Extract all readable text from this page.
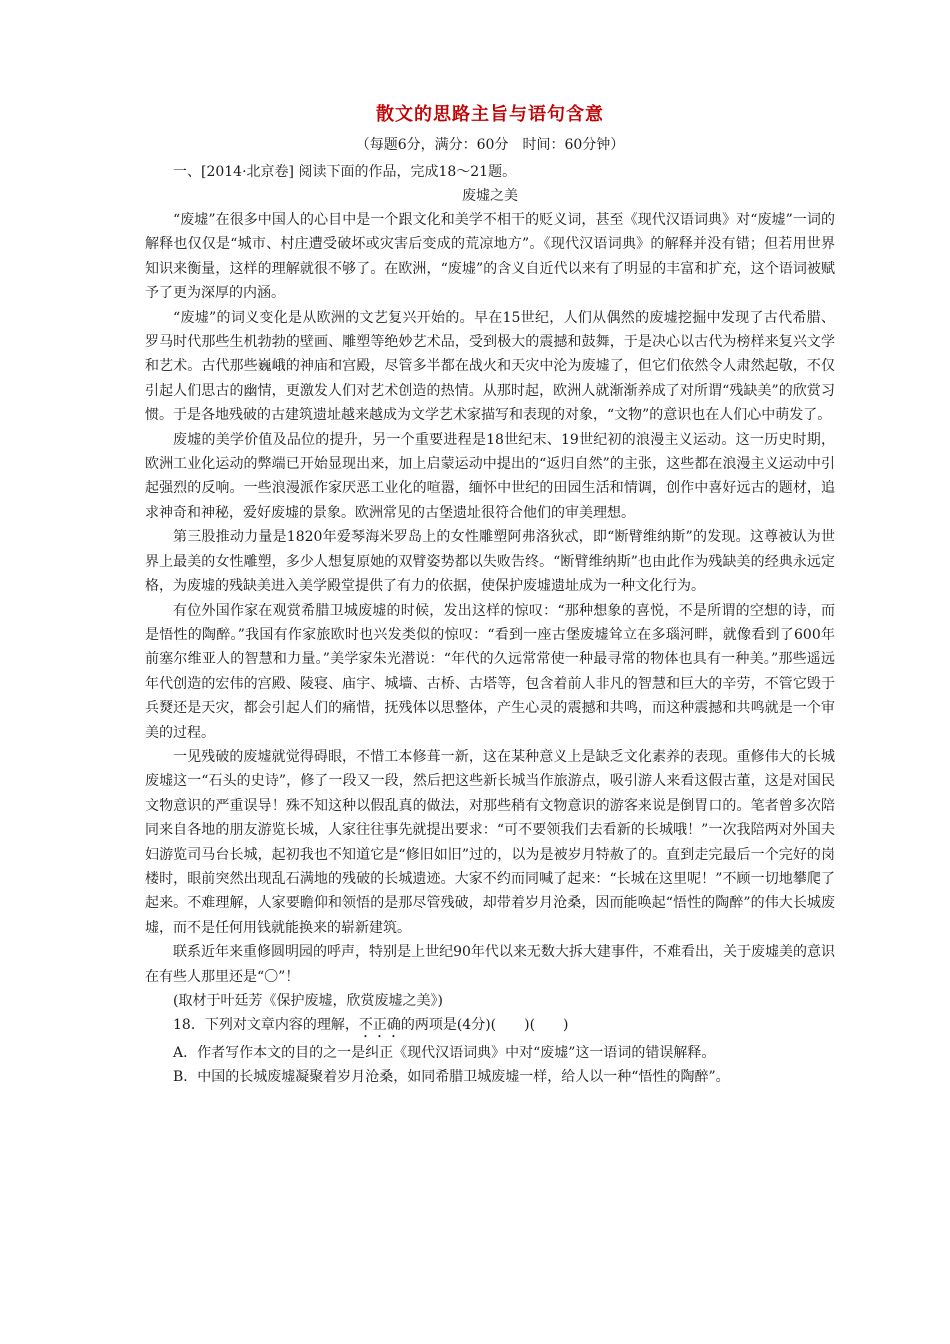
散文的思路主旨与语句含意
（每题6分，满分：60分　时间：60分钟）
一、[2014·北京卷] 阅读下面的作品，完成18～21题。
废墟之美

“废墟”在很多中国人的心目中是一个跟文化和美学不相干的贬义词，甚至《现代汉语词典》对“废墟”一词的解释也仅仅是“城市、村庄遭受破坏或灾害后变成的荒凉地方”。《现代汉语词典》的解释并没有错；但若用世界知识来衡量，这样的理解就很不够了。在欧洲，“废墟”的含义自近代以来有了明显的丰富和扩充，这个语词被赋予了更为深厚的内涵。

“废墟”的词义变化是从欧洲的文艺复兴开始的。早在15世纪，人们从偶然的废墟挖掘中发现了古代希腊、罗马时代那些生机勃勃的壁画、雕塑等绝妙艺术品，受到极大的震撼和鼓舞，于是决心以古代为榜样来复兴文学和艺术。古代那些巍峨的神庙和宫殿，尽管多半都在战火和天灾中沦为废墟了，但它们依然令人肃然起敬，不仅引起人们思古的幽情，更激发人们对艺术创造的热情。从那时起，欧洲人就渐渐养成了对所谓“残缺美”的欣赏习惯。于是各地残破的古建筑遗址越来越成为文学艺术家描写和表现的对象，“文物”的意识也在人们心中萌发了。

废墟的美学价值及品位的提升，另一个重要进程是18世纪末、19世纪初的浪漫主义运动。这一历史时期，欧洲工业化运动的弊端已开始显现出来，加上启蒙运动中提出的“返归自然”的主张，这些都在浪漫主义运动中引起强烈的反响。一些浪漫派作家厌恶工业化的喧嚣，缅怀中世纪的田园生活和情调，创作中喜好远古的题材，追求神奇和神秘，爱好废墟的景象。欧洲常见的古堡遗址很符合他们的审美理想。

第三股推动力量是1820年爱琴海米罗岛上的女性雕塑阿弗洛狄忒，即“断臂维纳斯”的发现。这尊被认为世界上最美的女性雕塑，多少人想复原她的双臂姿势都以失败告终。“断臂维纳斯”也由此作为残缺美的经典永远定格，为废墟的残缺美进入美学殿堂提供了有力的依据，使保护废墟遗址成为一种文化行为。

有位外国作家在观赏希腊卫城废墟的时候，发出这样的惊叹：“那种想象的喜悦，不是所谓的空想的诗，而是悟性的陶醉。”我国有作家旅欧时也兴发类似的惊叹：“看到一座古堡废墟耸立在多瑙河畔，就像看到了600年前塞尔维亚人的智慧和力量。”美学家朱光潜说：“年代的久远常常使一种最寻常的物体也具有一种美。”那些遥远年代创造的宏伟的宫殿、陵寝、庙宇、城墙、古桥、古塔等，包含着前人非凡的智慧和巨大的辛劳，不管它毁于兵燹还是天灾，都会引起人们的痛惜，抚残体以思整体，产生心灵的震撼和共鸣，而这种震撼和共鸣就是一个审美的过程。

一见残破的废墟就觉得碍眼，不惜工本修葺一新，这在某种意义上是缺乏文化素养的表现。重修伟大的长城废墟这一“石头的史诗”，修了一段又一段，然后把这些新长城当作旅游点，吸引游人来看这假古董，这是对国民文物意识的严重误导！殊不知这种以假乱真的做法，对那些稍有文物意识的游客来说是倒胃口的。笔者曾多次陪同来自各地的朋友游览长城，人家往往事先就提出要求：“可不要领我们去看新的长城哦！”一次我陪两对外国夫妇游览司马台长城，起初我也不知道它是“修旧如旧”过的，以为是被岁月特赦了的。直到走完最后一个完好的岗楼时，眼前突然出现乱石满地的残破的长城遗迹。大家不约而同喊了起来：“长城在这里呢！”不顾一切地攀爬了起来。不难理解，人家要瞻仰和领悟的是那尽管残破，却带着岁月沧桑，因而能唤起“悟性的陶醉”的伟大长城废墟，而不是任何用钱就能换来的崭新建筑。

联系近年来重修圆明园的呼声，特别是上世纪90年代以来无数大拆大建事件，不难看出，关于废墟美的意识在有些人那里还是“〇”！

(取材于叶廷芳《保护废墟，欣赏废墟之美》)
18．下列对文章内容的理解，不正确的两项是(4分)(　　)(　　)
A．作者写作本文的目的之一是纠正《现代汉语词典》中对“废墟”这一语词的错误解释。
B．中国的长城废墟凝聚着岁月沧桑，如同希腊卫城废墟一样，给人以一种“悟性的陶醉”。
